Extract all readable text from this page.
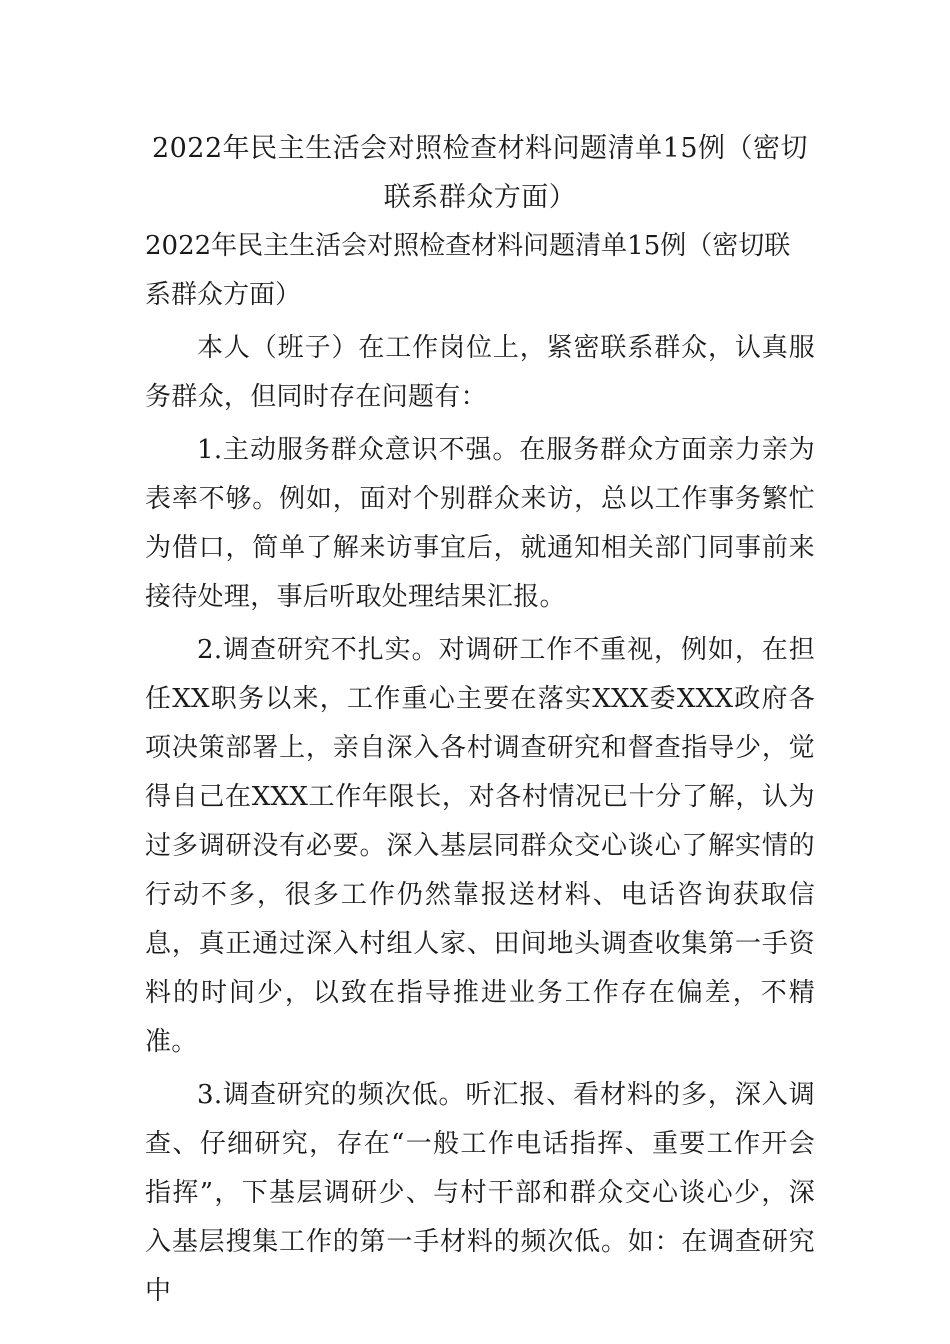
2022年民主生活会对照检查材料问题清单15例（密切联系群众方面）

2022年民主生活会对照检查材料问题清单15例（密切联系群众方面）

本人（班子）在工作岗位上，紧密联系群众，认真服务群众，但同时存在问题有：

1.主动服务群众意识不强。在服务群众方面亲力亲为表率不够。例如，面对个别群众来访，总以工作事务繁忙为借口，简单了解来访事宜后，就通知相关部门同事前来接待处理，事后听取处理结果汇报。

2.调查研究不扎实。对调研工作不重视，例如，在担任XX职务以来，工作重心主要在落实XXX委XXX政府各项决策部署上，亲自深入各村调查研究和督查指导少，觉得自己在XXX工作年限长，对各村情况已十分了解，认为过多调研没有必要。深入基层同群众交心谈心了解实情的行动不多，很多工作仍然靠报送材料、电话咨询获取信息，真正通过深入村组人家、田间地头调查收集第一手资料的时间少，以致在指导推进业务工作存在偏差，不精准。

3.调查研究的频次低。听汇报、看材料的多，深入调查、仔细研究，存在“一般工作电话指挥、重要工作开会指挥”，下基层调研少、与村干部和群众交心谈心少，深入基层搜集工作的第一手材料的频次低。如：在调查研究中
